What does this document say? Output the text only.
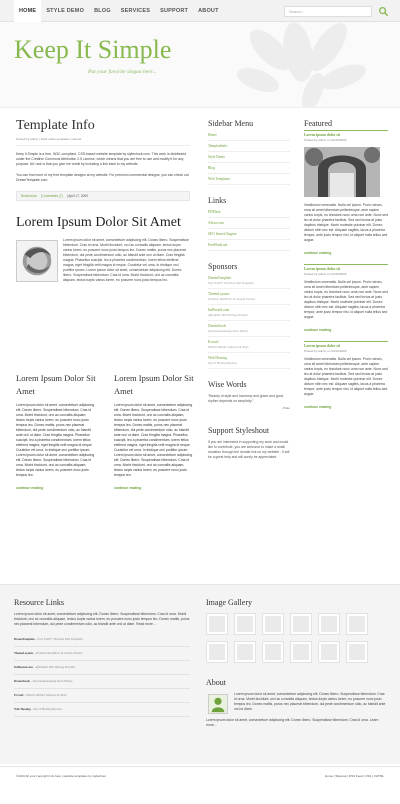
HOME	STYLE DEMO	BLOG	SERVICES	SUPPORT	ABOUT	Search...
Keep It Simple
Put your favorite slogan here...
Template Info
Posted by admin | Filed under templates, internet
Keep It Simple is a free, W3C-compliant, CSS-based website template by styleshout.com. This work is distributed under the Creative Commons Attribution 2.5 License, which means that you are free to use and modify it for any purpose. All i ask is that you give me credit by including a link back to my website.
You can find more of my free template designs at my website. For premium commercial designs, you can check out DreamTemplate.com.
Read more | Comments (7) | April 17, 2009
Lorem Ipsum Dolor Sit Amet
Lorem ipsum dolor sit amet, consectetuer adipiscing elit. Donec libero. Suspendisse bibendum. Cras id urna. Morbi tincidunt, orci ac convallis aliquam, lectus turpis varius lorem, eu posuere nunc justo tempus leo. Donec mattis, purus nec placerat bibendum, dui pede condimentum odio, ac blandit ante orci ut diam. Cras fringilla magna. Phasellus suscipit, leo a pharetra condimentum, lorem tellus eleifend magna, eget fringilla velit magna id neque. Curabitur vel urna. In tristique orci porttitor ipsum. Lorem ipsum dolor sit amet, consectetuer adipiscing elit. Donec libero. Suspendisse bibendum. Cras id urna. Morbi tincidunt, orci ac convallis aliquam, lectus turpis varius lorem, eu posuere nunc justo tempus leo.
Lorem Ipsum Dolor Sit Amet
Lorem ipsum dolor sit amet, consectetuer adipiscing elit. Donec libero. Suspendisse bibendum. Cras id urna. Morbi tincidunt, orci ac convallis aliquam, lectus turpis varius lorem, eu posuere nunc justo tempus leo. Donec mattis, purus nec placerat bibendum, dui pede condimentum odio, ac blandit ante orci ut diam. Cras fringilla magna. Phasellus suscipit, leo a pharetra condimentum, lorem tellus eleifend magna, eget fringilla velit magna id neque. Curabitur vel urna. In tristique orci porttitor ipsum. Lorem ipsum dolor sit amet, consectetuer adipiscing elit. Donec libero. Suspendisse bibendum. Cras id urna. Morbi tincidunt, orci ac convallis aliquam, lectus turpis varius lorem, eu posuere nunc justo tempus leo.
continue reading
Lorem Ipsum Dolor Sit Amet
Lorem ipsum dolor sit amet, consectetuer adipiscing elit. Donec libero. Suspendisse bibendum. Cras id urna. Morbi tincidunt, orci ac convallis aliquam, lectus turpis varius lorem, eu posuere nunc justo tempus leo. Donec mattis, purus nec placerat bibendum, dui pede condimentum odio, ac blandit ante orci ut diam. Cras fringilla magna. Phasellus suscipit, leo a pharetra condimentum, lorem tellus eleifend magna, eget fringilla velit magna id neque. Curabitur vel urna. In tristique orci porttitor ipsum. Lorem ipsum dolor sit amet, consectetuer adipiscing elit. Donec libero. Suspendisse bibendum. Cras id urna. Morbi tincidunt, orci ac convallis aliquam, lectus turpis varius lorem, eu posuere nunc justo tempus leo.
continue reading
Sidebar Menu
Home
TemplateInfo
Style Demo
Blog
Web Templates
Links
PDFlash
Alexa.com
SEO Search Engine
FreeFlash.net
Sponsors
DreamTemplate
Over 6,000+ Premium Web Templates
ThemeLayouts
Premium WordPress & Joomla Themes
ImHosted.com
Affordable Web Hosting Provider
DreamStock
Download Amazing Stock Photos
Evrsoft
Website Builder Software & Tools
Web Hosting
Top 10 Hosting Reviews
Wise Words
"Beauty of style and harmony and grace and good rhythm depends on simplicity."
- Plato
Support Styleshout
If you are interested in supporting my work and would like to contribute, you are welcome to make a small donation through the donate link on my website - it will be a great help and will surely be appreciated.
Featured
Lorem ipsum dolor sit
Posted by admin on 04/10/2009
Vestibulum venenatis. Nulla vel ipsum. Proin rutrum, urna sit amet bibendum pellentesque, ante sapien varius turpis, eu tincidunt nunc urna non ante. Nunc sed leo at dolor pharetra facilisis. Sed sed lectus at justo dapibus tristique. Morbi molestie pulvinar elit. Donec dictum nibh nec est. Aliquam sagittis, lacus a pharetra tempor, ante justo tempor nisi, id aliquet nulla tellus sed augue.
continue reading
Lorem ipsum dolor sit
Posted by admin on 04/10/2009
Vestibulum venenatis. Nulla vel ipsum. Proin rutrum, urna sit amet bibendum pellentesque, ante sapien varius turpis, eu tincidunt nunc urna non ante. Nunc sed leo at dolor pharetra facilisis. Sed sed lectus at justo dapibus tristique. Morbi molestie pulvinar elit. Donec dictum nibh nec est. Aliquam sagittis, lacus a pharetra tempor, ante justo tempor nisi, id aliquet nulla tellus sed augue.
continue reading
Lorem ipsum dolor sit
Posted by admin on 04/10/2009
Vestibulum venenatis. Nulla vel ipsum. Proin rutrum, urna sit amet bibendum pellentesque, ante sapien varius turpis, eu tincidunt nunc urna non ante. Nunc sed leo at dolor pharetra facilisis. Sed sed lectus at justo dapibus tristique. Morbi molestie pulvinar elit. Donec dictum nibh nec est. Aliquam sagittis, lacus a pharetra tempor, ante justo tempor nisi, id aliquet nulla tellus sed augue.
continue reading
Resource Links
Lorem ipsum dolor sit amet, consectetuer adipiscing elit. Donec libero. Suspendisse bibendum. Cras id urna. Morbi tincidunt, orci ac convallis aliquam, lectus turpis varius lorem, eu posuere nunc justo tempus leo. Donec mattis, purus nec placerat bibendum, dui pede condimentum odio, ac blandit ante orci ut diam. Read more...
DreamTemplate - Over 6,000+ Premium Web Templates
ThemeLayouts - Premium WordPress & Joomla Themes
ImHosted.com - Affordable Web Hosting Provider
DreamStock - Download Amazing Stock Photos
Evrsoft - Website Builder Software & Tools
Web Hosting - Top 10 Hosting Reviews
Image Gallery
About
Lorem ipsum dolor sit amet, consectetuer adipiscing elit. Donec libero. Suspendisse bibendum. Cras id urna. Morbi tincidunt, orci ac convallis aliquam, lectus turpis varius lorem, eu posuere nunc justo tempus leo. Donec mattis, purus nec placerat bibendum, dui pede condimentum odio, ac blandit ante orci ut diam.
Lorem ipsum dolor sit amet, consectetuer adipiscing elit. Donec libero. Suspendisse bibendum. Cras id urna. Learn more...
©2010 All your copyright info here | website templates by styleshout	Home | Sitemap | RSS Feed | CSS | XHTML
